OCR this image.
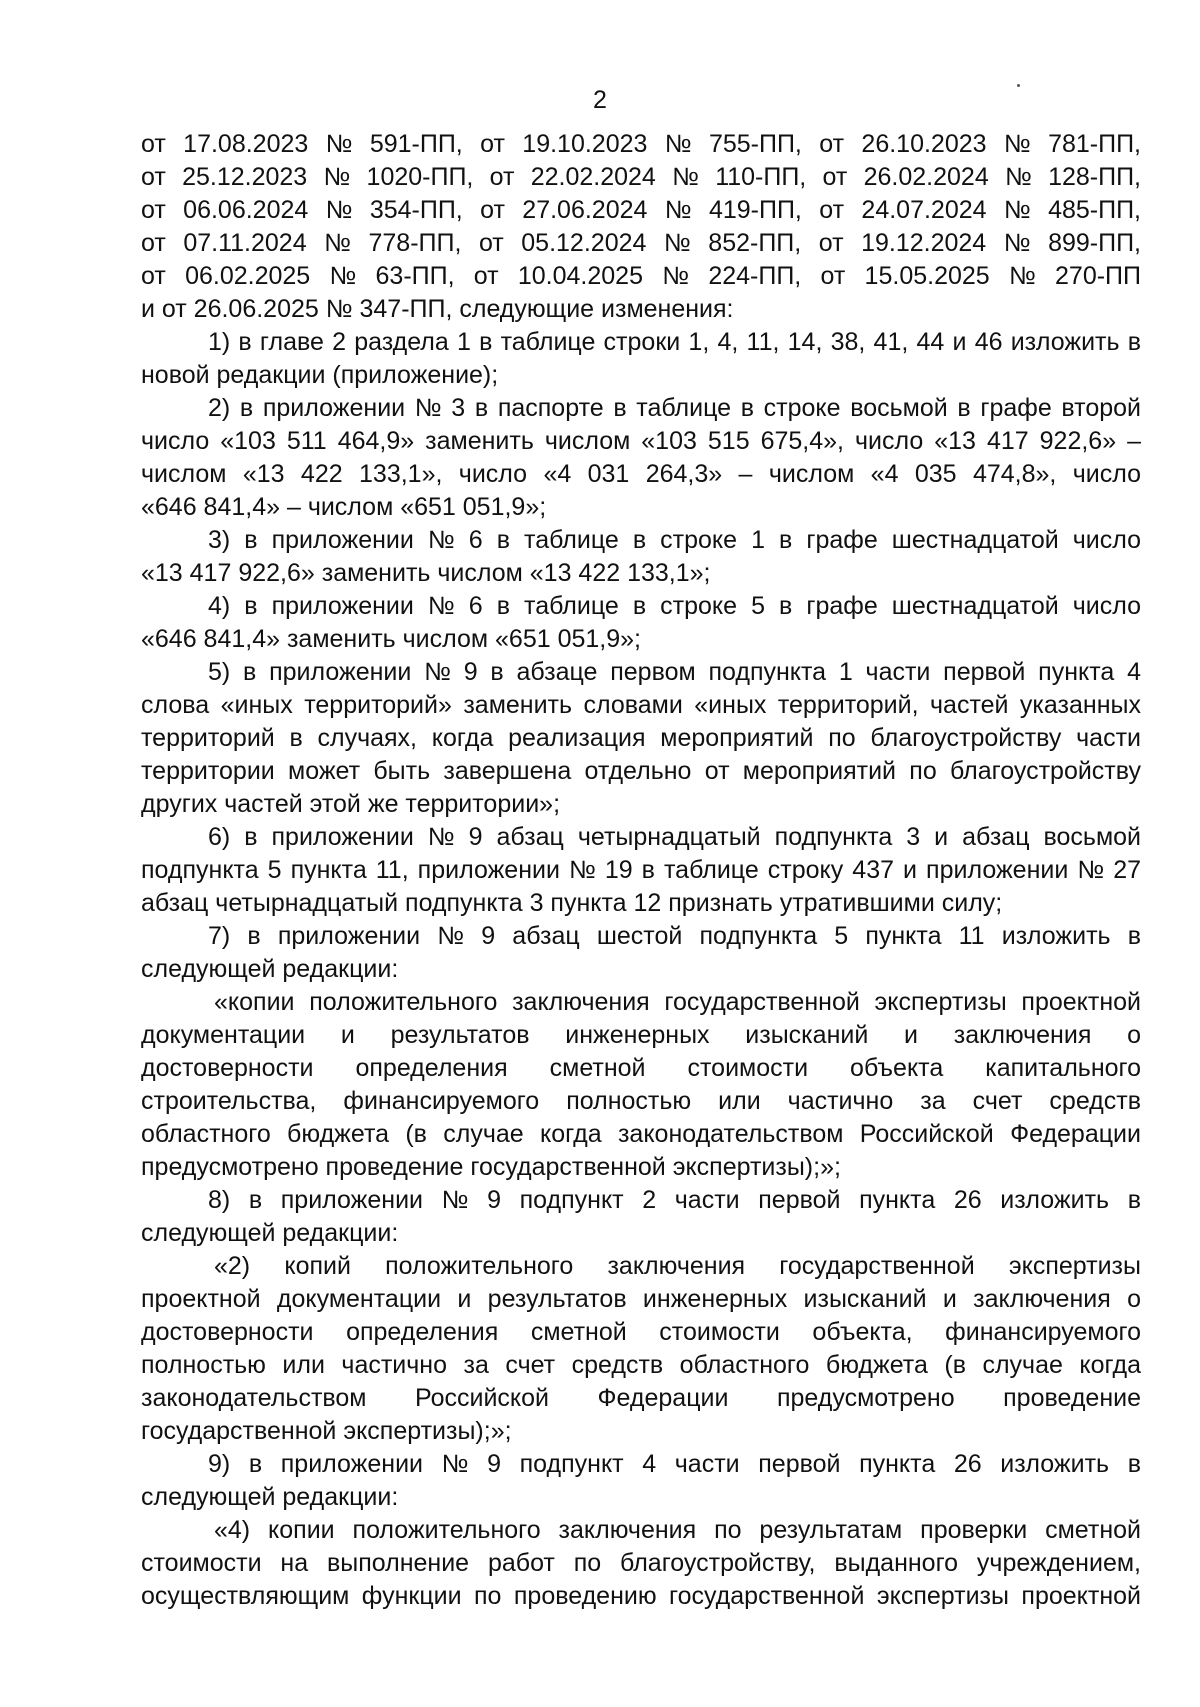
2
от 17.08.2023 № 591-ПП, от 19.10.2023 № 755-ПП, от 26.10.2023 № 781-ПП,
от 25.12.2023 № 1020-ПП, от 22.02.2024 № 110-ПП, от 26.02.2024 № 128-ПП,
от 06.06.2024 № 354-ПП, от 27.06.2024 № 419-ПП, от 24.07.2024 № 485-ПП,
от 07.11.2024 № 778-ПП, от 05.12.2024 № 852-ПП, от 19.12.2024 № 899-ПП,
от 06.02.2025 № 63-ПП, от 10.04.2025 № 224-ПП, от 15.05.2025 № 270-ПП
и от 26.06.2025 № 347-ПП, следующие изменения:
1) в главе 2 раздела 1 в таблице строки 1, 4, 11, 14, 38, 41, 44 и 46 изложить в
новой редакции (приложение);
2) в приложении № 3 в паспорте в таблице в строке восьмой в графе второй
число «103 511 464,9» заменить числом «103 515 675,4», число «13 417 922,6» –
числом «13 422 133,1», число «4 031 264,3» – числом «4 035 474,8», число
«646 841,4» – числом «651 051,9»;
3) в приложении № 6 в таблице в строке 1 в графе шестнадцатой число
«13 417 922,6» заменить числом «13 422 133,1»;
4) в приложении № 6 в таблице в строке 5 в графе шестнадцатой число
«646 841,4» заменить числом «651 051,9»;
5) в приложении № 9 в абзаце первом подпункта 1 части первой пункта 4
слова «иных территорий» заменить словами «иных территорий, частей указанных
территорий в случаях, когда реализация мероприятий по благоустройству части
территории может быть завершена отдельно от мероприятий по благоустройству
других частей этой же территории»;
6) в приложении № 9 абзац четырнадцатый подпункта 3 и абзац восьмой
подпункта 5 пункта 11, приложении № 19 в таблице строку 437 и приложении № 27
абзац четырнадцатый подпункта 3 пункта 12 признать утратившими силу;
7) в приложении № 9 абзац шестой подпункта 5 пункта 11 изложить в
следующей редакции:
«копии положительного заключения государственной экспертизы проектной
документации и результатов инженерных изысканий и заключения о
достоверности определения сметной стоимости объекта капитального
строительства, финансируемого полностью или частично за счет средств
областного бюджета (в случае когда законодательством Российской Федерации
предусмотрено проведение государственной экспертизы);»;
8) в приложении № 9 подпункт 2 части первой пункта 26 изложить в
следующей редакции:
«2) копий положительного заключения государственной экспертизы
проектной документации и результатов инженерных изысканий и заключения о
достоверности определения сметной стоимости объекта, финансируемого
полностью или частично за счет средств областного бюджета (в случае когда
законодательством Российской Федерации предусмотрено проведение
государственной экспертизы);»;
9) в приложении № 9 подпункт 4 части первой пункта 26 изложить в
следующей редакции:
«4) копии положительного заключения по результатам проверки сметной
стоимости на выполнение работ по благоустройству, выданного учреждением,
осуществляющим функции по проведению государственной экспертизы проектной
